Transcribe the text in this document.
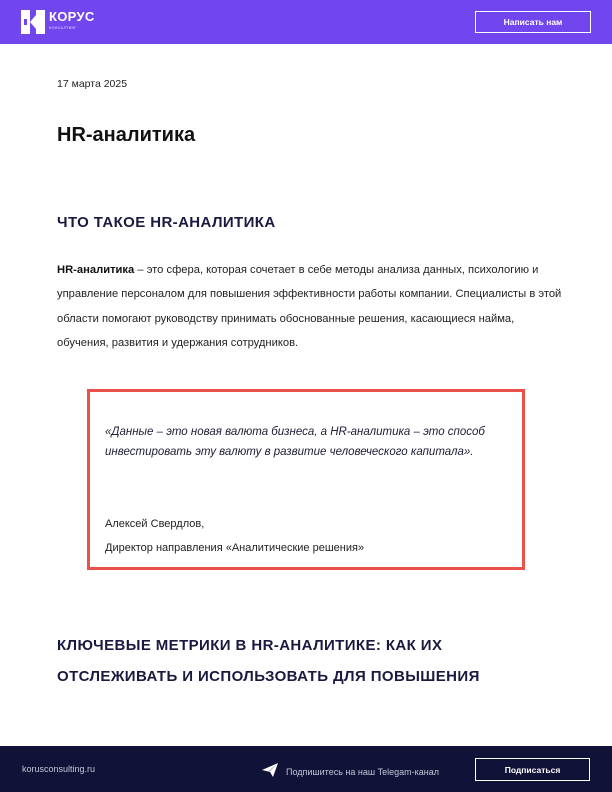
КОРУС
КОНСАЛТИНГ
Написать нам
17 марта 2025
HR-аналитика
ЧТО ТАКОЕ HR-АНАЛИТИКА

HR-аналитика – это сфера, которая сочетает в себе методы анализа данных, психологию и управление персоналом для повышения эффективности работы компании. Специалисты в этой области помогают руководству принимать обоснованные решения, касающиеся найма, обучения, развития и удержания сотрудников.

«Данные – это новая валюта бизнеса, а HR-аналитика – это способ инвестировать эту валюту в развитие человеческого капитала».

Алексей Свердлов,
Директор направления «Аналитические решения»
КЛЮЧЕВЫЕ МЕТРИКИ В HR-АНАЛИТИКЕ: КАК ИХ ОТСЛЕЖИВАТЬ И ИСПОЛЬЗОВАТЬ ДЛЯ ПОВЫШЕНИЯ
korusconsulting.ru	Подпишитесь на наш Telegam-канал	Подписаться
